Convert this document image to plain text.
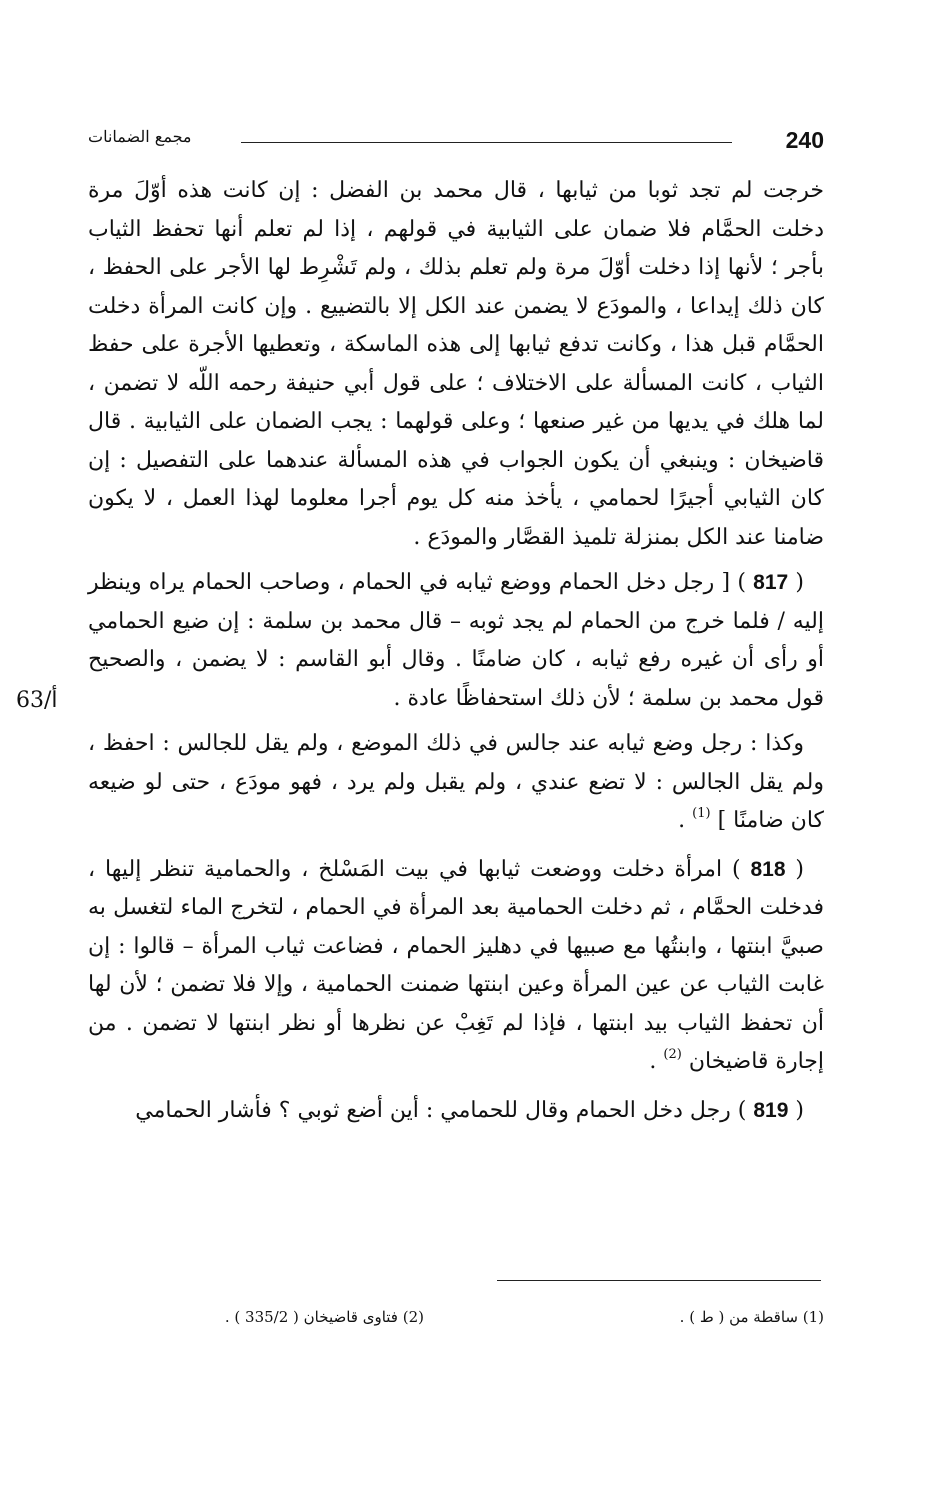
240
مجمع الضمانات
63/أ

خرجت لم تجد ثوبا من ثيابها ، قال محمد بن الفضل : إن كانت هذه أوّلَ مرة دخلت الحمَّام فلا ضمان على الثيابية في قولهم ، إذا لم تعلم أنها تحفظ الثياب بأجر ؛ لأنها إذا دخلت أوّلَ مرة ولم تعلم بذلك ، ولم تَشْرِط لها الأجر على الحفظ ، كان ذلك إيداعا ، والمودَع لا يضمن عند الكل إلا بالتضييع . وإن كانت المرأة دخلت الحمَّام قبل هذا ، وكانت تدفع ثيابها إلى هذه الماسكة ، وتعطيها الأجرة على حفظ الثياب ، كانت المسألة على الاختلاف ؛ على قول أبي حنيفة رحمه اللّه لا تضمن ، لما هلك في يديها من غير صنعها ؛ وعلى قولهما : يجب الضمان على الثيابية . قال قاضيخان : وينبغي أن يكون الجواب في هذه المسألة عندهما على التفصيل : إن كان الثيابي أجيرًا لحمامي ، يأخذ منه كل يوم أجرا معلوما لهذا العمل ، لا يكون ضامنا عند الكل بمنزلة تلميذ القصَّار والمودَع .

( 817 ) [ رجل دخل الحمام ووضع ثيابه في الحمام ، وصاحب الحمام يراه وينظر إليه / فلما خرج من الحمام لم يجد ثوبه – قال محمد بن سلمة : إن ضيع الحمامي أو رأى أن غيره رفع ثيابه ، كان ضامنًا . وقال أبو القاسم : لا يضمن ، والصحيح قول محمد بن سلمة ؛ لأن ذلك استحفاظًا عادة .

وكذا : رجل وضع ثيابه عند جالس في ذلك الموضع ، ولم يقل للجالس : احفظ ، ولم يقل الجالس : لا تضع عندي ، ولم يقبل ولم يرد ، فهو مودَع ، حتى لو ضيعه كان ضامنًا ] $^{(1)}$ .

( 818 ) امرأة دخلت ووضعت ثيابها في بيت المَسْلخ ، والحمامية تنظر إليها ، فدخلت الحمَّام ، ثم دخلت الحمامية بعد المرأة في الحمام ، لتخرج الماء لتغسل به صبيَّ ابنتها ، وابنتُها مع صبيها في دهليز الحمام ، فضاعت ثياب المرأة – قالوا : إن غابت الثياب عن عين المرأة وعين ابنتها ضمنت الحمامية ، وإلا فلا تضمن ؛ لأن لها أن تحفظ الثياب بيد ابنتها ، فإذا لم تَغِبْ عن نظرها أو نظر ابنتها لا تضمن . من إجارة قاضيخان $^{(2)}$ .

( 819 ) رجل دخل الحمام وقال للحمامي : أين أضع ثوبي ؟ فأشار الحمامي

(1) ساقطة من ( ط ) .
(2) فتاوى قاضيخان ( 335/2 ) .
